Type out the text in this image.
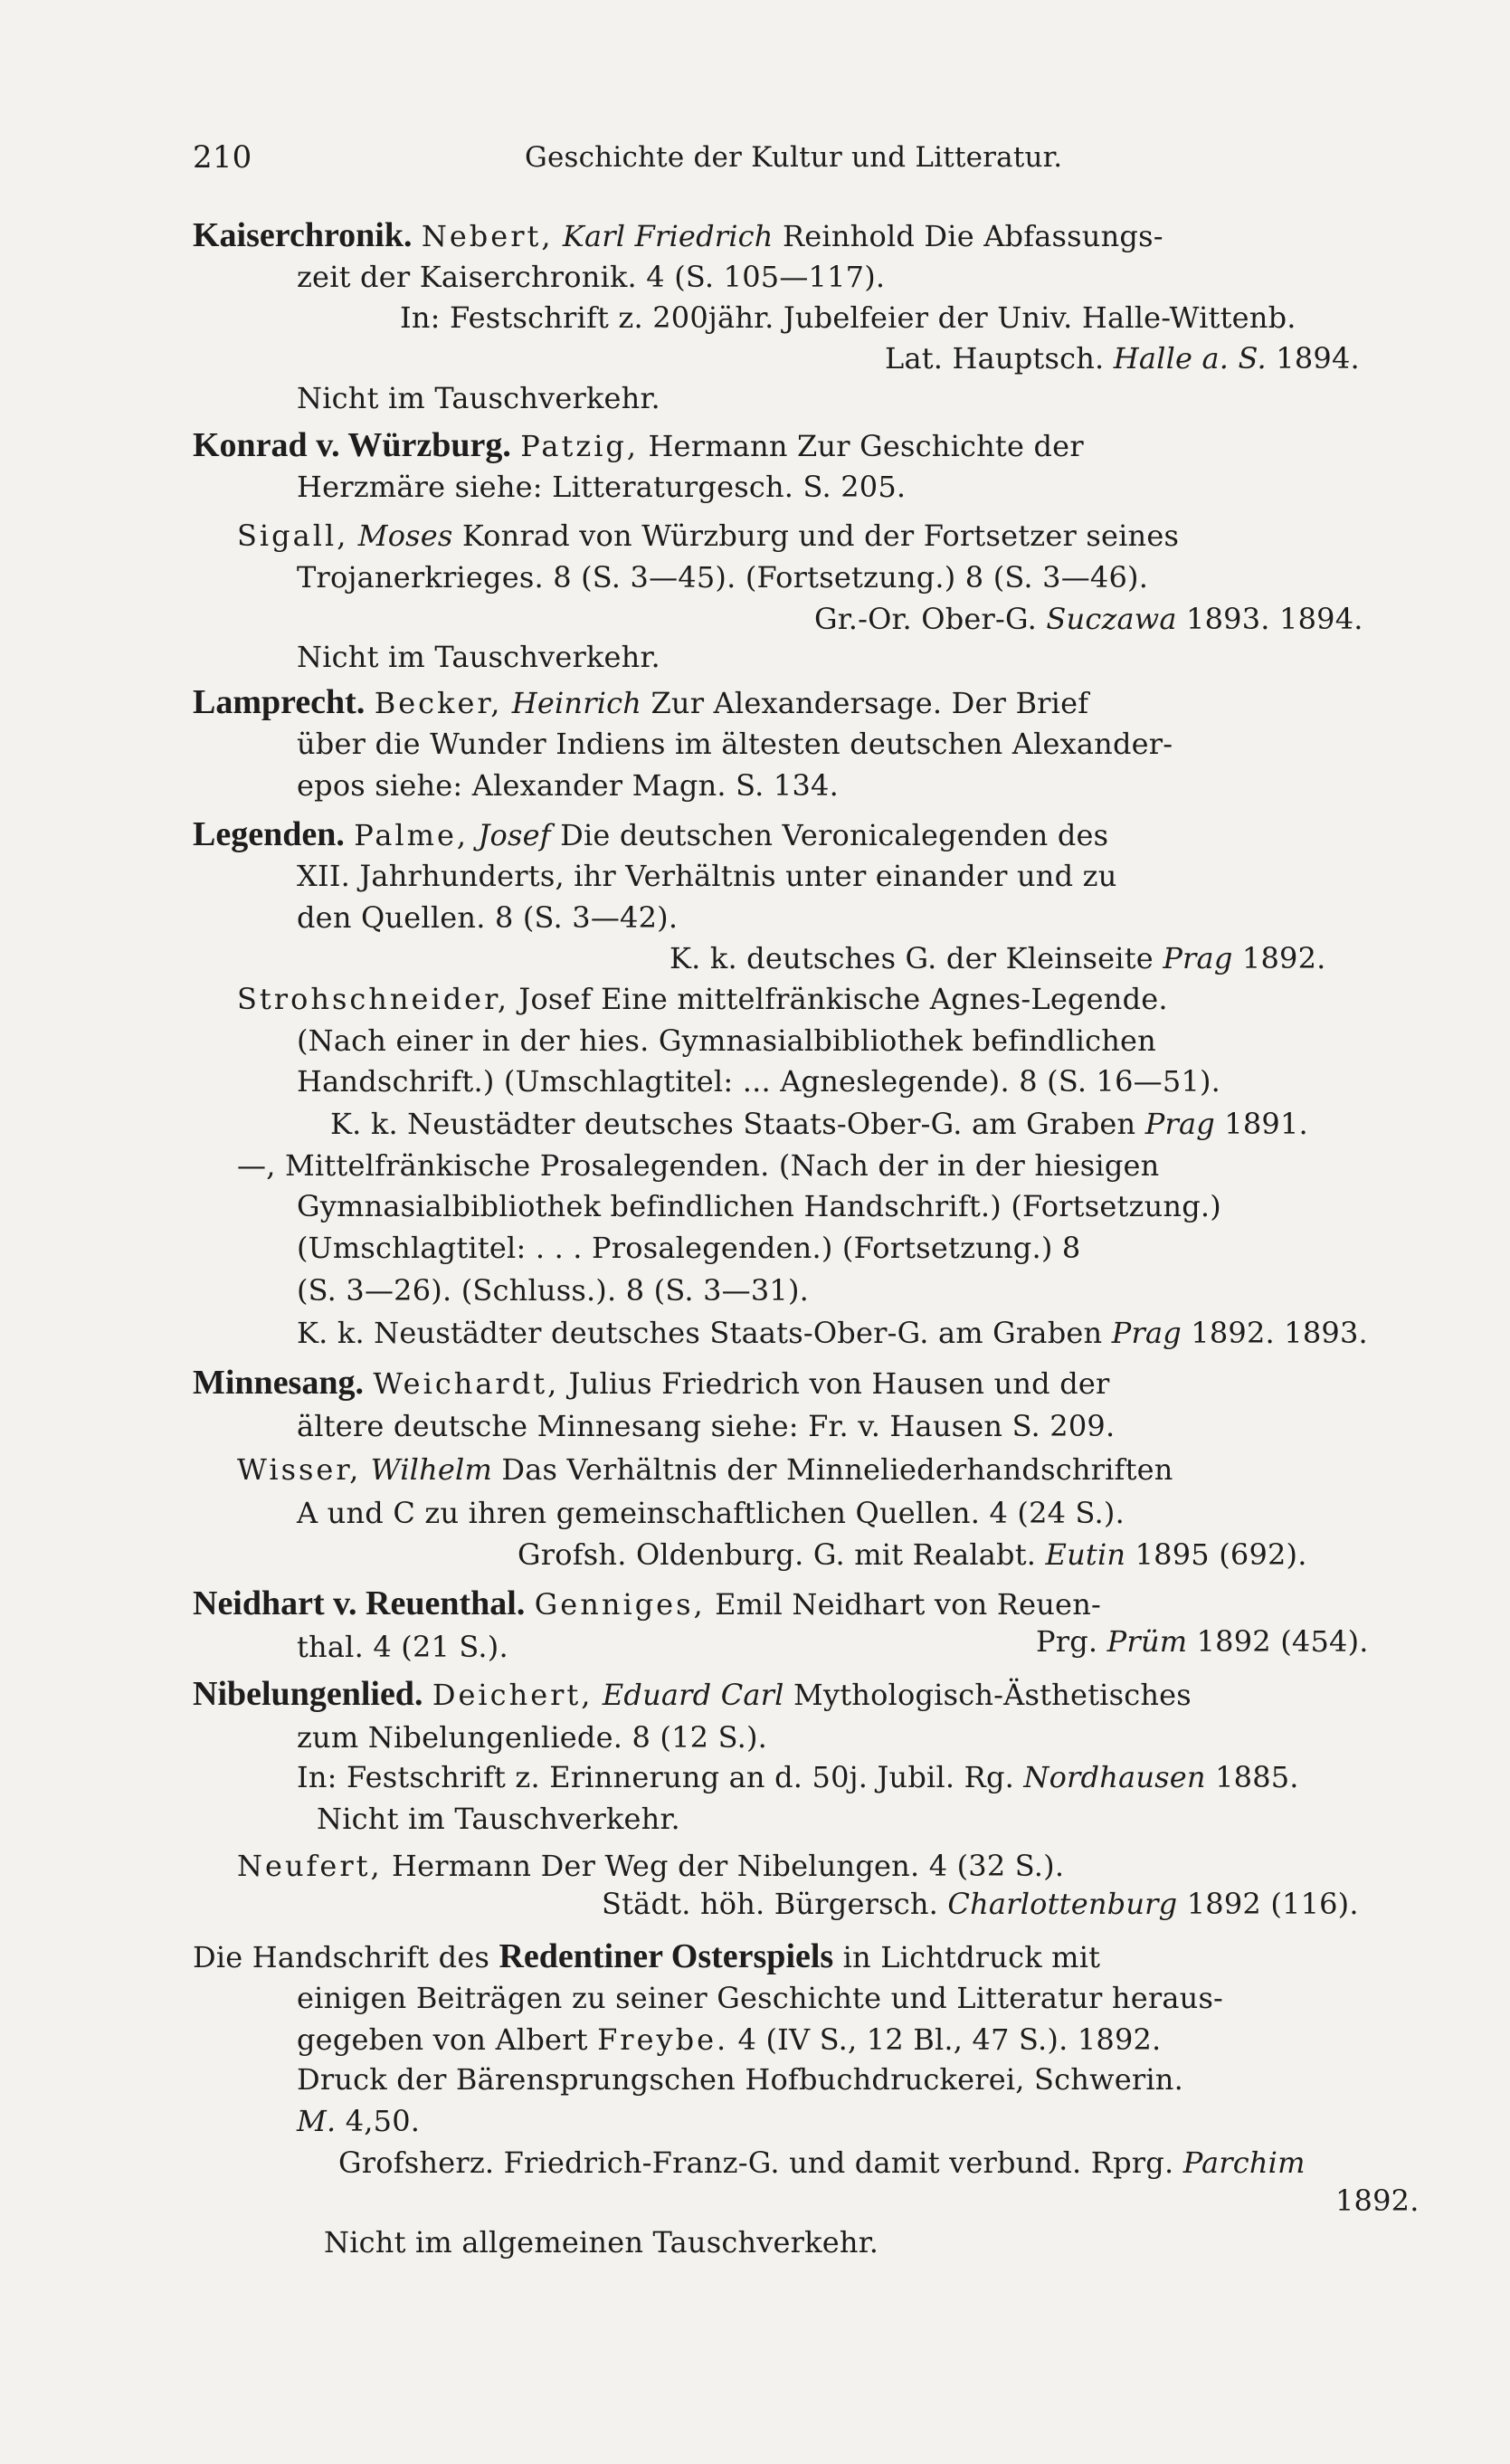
210	Geschichte der Kultur und Litteratur.
Kaiserchronik. Nebert, Karl Friedrich Reinhold Die Abfassungs-
zeit der Kaiserchronik. 4 (S. 105—117).
In: Festschrift z. 200jähr. Jubelfeier der Univ. Halle-Wittenb.
Lat. Hauptsch. Halle a. S. 1894.
Nicht im Tauschverkehr.
Konrad v. Würzburg. Patzig, Hermann Zur Geschichte der
Herzmäre siehe: Litteraturgesch. S. 205.
Sigall, Moses Konrad von Würzburg und der Fortsetzer seines
Trojanerkrieges. 8 (S. 3—45). (Fortsetzung.) 8 (S. 3—46).
Gr.-Or. Ober-G. Suczawa 1893. 1894.
Nicht im Tauschverkehr.
Lamprecht. Becker, Heinrich Zur Alexandersage. Der Brief
über die Wunder Indiens im ältesten deutschen Alexander-
epos siehe: Alexander Magn. S. 134.
Legenden. Palme, Josef Die deutschen Veronicalegenden des
XII. Jahrhunderts, ihr Verhältnis unter einander und zu
den Quellen. 8 (S. 3—42).
K. k. deutsches G. der Kleinseite Prag 1892.
Strohschneider, Josef Eine mittelfränkische Agnes-Legende.
(Nach einer in der hies. Gymnasialbibliothek befindlichen
Handschrift.) (Umschlagtitel: ... Agneslegende). 8 (S. 16—51).
K. k. Neustädter deutsches Staats-Ober-G. am Graben Prag 1891.
—, Mittelfränkische Prosalegenden. (Nach der in der hiesigen
Gymnasialbibliothek befindlichen Handschrift.) (Fortsetzung.)
(Umschlagtitel: . . . Prosalegenden.) (Fortsetzung.) 8
(S. 3—26). (Schluss.). 8 (S. 3—31).
K. k. Neustädter deutsches Staats-Ober-G. am Graben Prag 1892. 1893.
Minnesang. Weichardt, Julius Friedrich von Hausen und der
ältere deutsche Minnesang siehe: Fr. v. Hausen S. 209.
Wisser, Wilhelm Das Verhältnis der Minneliederhandschriften
A und C zu ihren gemeinschaftlichen Quellen. 4 (24 S.).
Grofsh. Oldenburg. G. mit Realabt. Eutin 1895 (692).
Neidhart v. Reuenthal. Genniges, Emil Neidhart von Reuen-
thal. 4 (21 S.).	Prg. Prüm 1892 (454).
Nibelungenlied. Deichert, Eduard Carl Mythologisch-Ästhetisches
zum Nibelungenliede. 8 (12 S.).
In: Festschrift z. Erinnerung an d. 50j. Jubil. Rg. Nordhausen 1885.
Nicht im Tauschverkehr.
Neufert, Hermann Der Weg der Nibelungen. 4 (32 S.).
Städt. höh. Bürgersch. Charlottenburg 1892 (116).
Die Handschrift des Redentiner Osterspiels in Lichtdruck mit
einigen Beiträgen zu seiner Geschichte und Litteratur heraus-
gegeben von Albert Freybe. 4 (IV S., 12 Bl., 47 S.). 1892.
Druck der Bärensprungschen Hofbuchdruckerei, Schwerin.
M. 4,50.
Grofsherz. Friedrich-Franz-G. und damit verbund. Rprg. Parchim
1892.
Nicht im allgemeinen Tauschverkehr.
